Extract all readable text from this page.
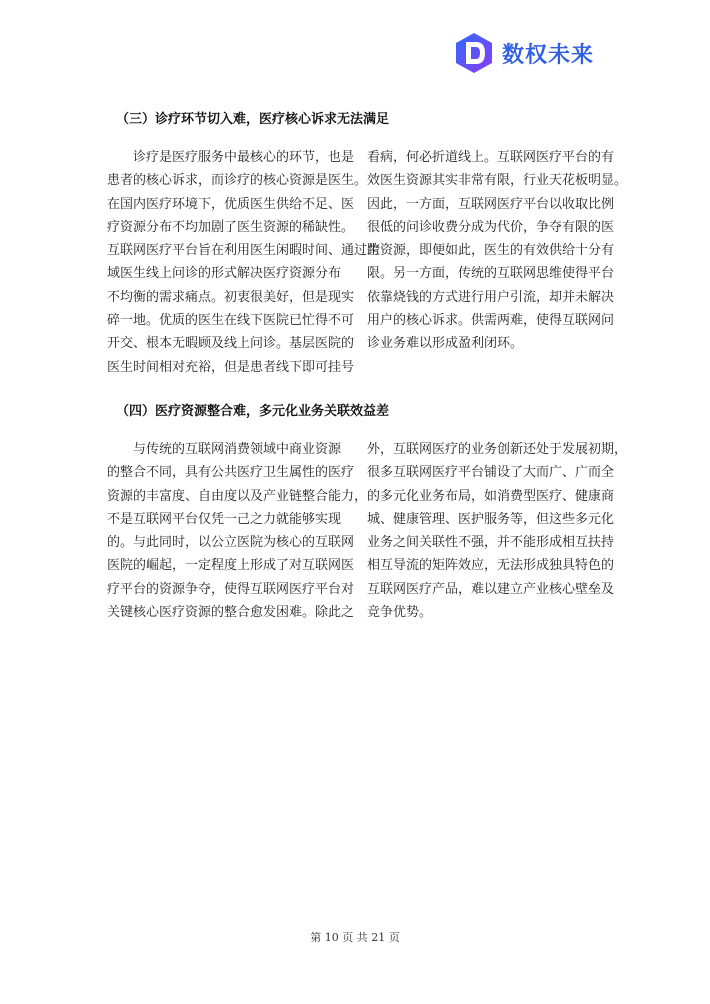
数权未来
（三）诊疗环节切入难，医疗核心诉求无法满足
　　诊疗是医疗服务中最核心的环节，也是
患者的核心诉求，而诊疗的核心资源是医生。
在国内医疗环境下，优质医生供给不足、医
疗资源分布不均加剧了医生资源的稀缺性。
互联网医疗平台旨在利用医生闲暇时间、通过跨
域医生线上问诊的形式解决医疗资源分布
不均衡的需求痛点。初衷很美好，但是现实
碎一地。优质的医生在线下医院已忙得不可
开交、根本无暇顾及线上问诊。基层医院的
医生时间相对充裕，但是患者线下即可挂号
看病，何必折道线上。互联网医疗平台的有
效医生资源其实非常有限，行业天花板明显。
因此，一方面，互联网医疗平台以收取比例
很低的问诊收费分成为代价，争夺有限的医
生资源，即便如此，医生的有效供给十分有
限。另一方面，传统的互联网思维使得平台
依靠烧钱的方式进行用户引流，却并未解决
用户的核心诉求。供需两难，使得互联网问
诊业务难以形成盈利闭环。
（四）医疗资源整合难，多元化业务关联效益差
　　与传统的互联网消费领域中商业资源
的整合不同，具有公共医疗卫生属性的医疗
资源的丰富度、自由度以及产业链整合能力，
不是互联网平台仅凭一己之力就能够实现
的。与此同时，以公立医院为核心的互联网
医院的崛起，一定程度上形成了对互联网医
疗平台的资源争夺，使得互联网医疗平台对
关键核心医疗资源的整合愈发困难。除此之
外，互联网医疗的业务创新还处于发展初期，
很多互联网医疗平台铺设了大而广、广而全
的多元化业务布局，如消费型医疗、健康商
城、健康管理、医护服务等，但这些多元化
业务之间关联性不强，并不能形成相互扶持
相互导流的矩阵效应，无法形成独具特色的
互联网医疗产品，难以建立产业核心壁垒及
竞争优势。
第 10 页 共 21 页
